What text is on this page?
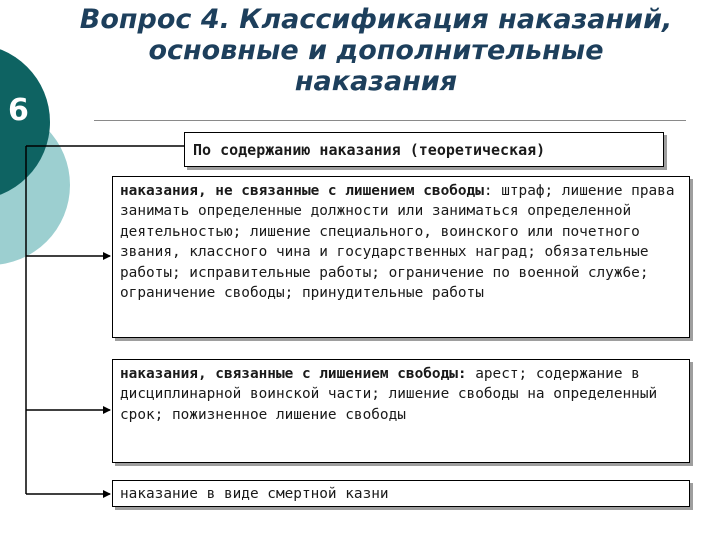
6
Вопрос 4. Классификация наказаний, основные и дополнительные наказания
По содержанию наказания (теоретическая)
наказания, не связанные с лишением свободы: штраф; лишение права занимать определенные должности или заниматься определенной деятельностью; лишение специального, воинского или почетного звания, классного чина и государственных наград; обязательные работы; исправительные работы; ограничение по военной служ6е; ограничение свободы; принудительные работы
наказания, связанные с лишением свободы: арест; содержание в дисциплинарной воинской части; лишение свободы на определенный срок; пожизненное лишение свободы
наказание в виде смертной казни
